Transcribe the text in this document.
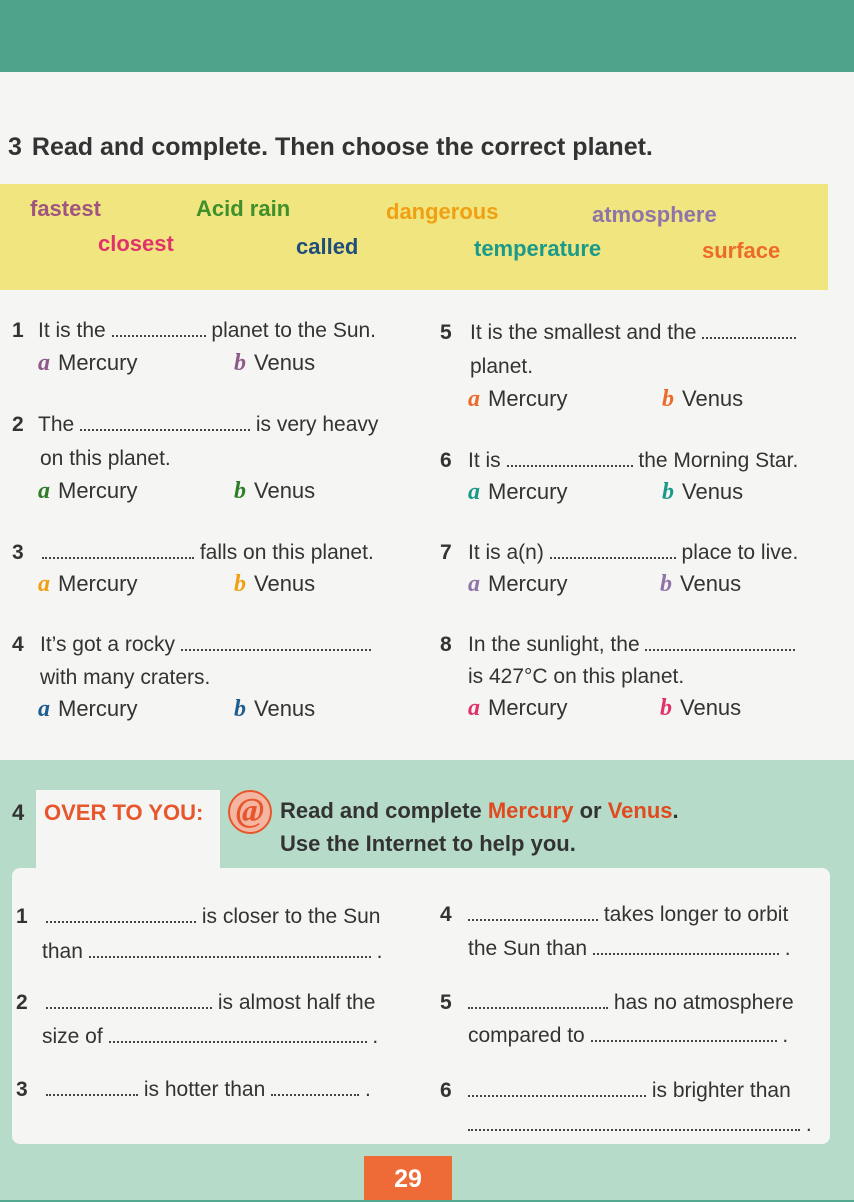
3 Read and complete. Then choose the correct planet.
fastest	Acid rain	dangerous	atmosphere
closest	called	temperature	surface
1 It is the	planet to the Sun.
a Mercury	b Venus
2 The	is very heavy
on this planet.
a Mercury	b Venus
3	falls on this planet.
a Mercury	b Venus
4 It’s got a rocky
with many craters.
a Mercury	b Venus
5 It is the smallest and the
planet.
a Mercury	b Venus
6 It is	the Morning Star.
a Mercury	b Venus
7 It is a(n)	place to live.
a Mercury	b Venus
8 In the sunlight, the
is 427°C on this planet.
a Mercury	b Venus
4 OVER TO YOU: @ Read and complete Mercury or Venus.
Use the Internet to help you.
1	is closer to the Sun
than	.
2	is almost half the
size of	.
3	is hotter than	.
4	takes longer to orbit
the Sun than	.
5	has no atmosphere
compared to	.
6	is brighter than
.
29
